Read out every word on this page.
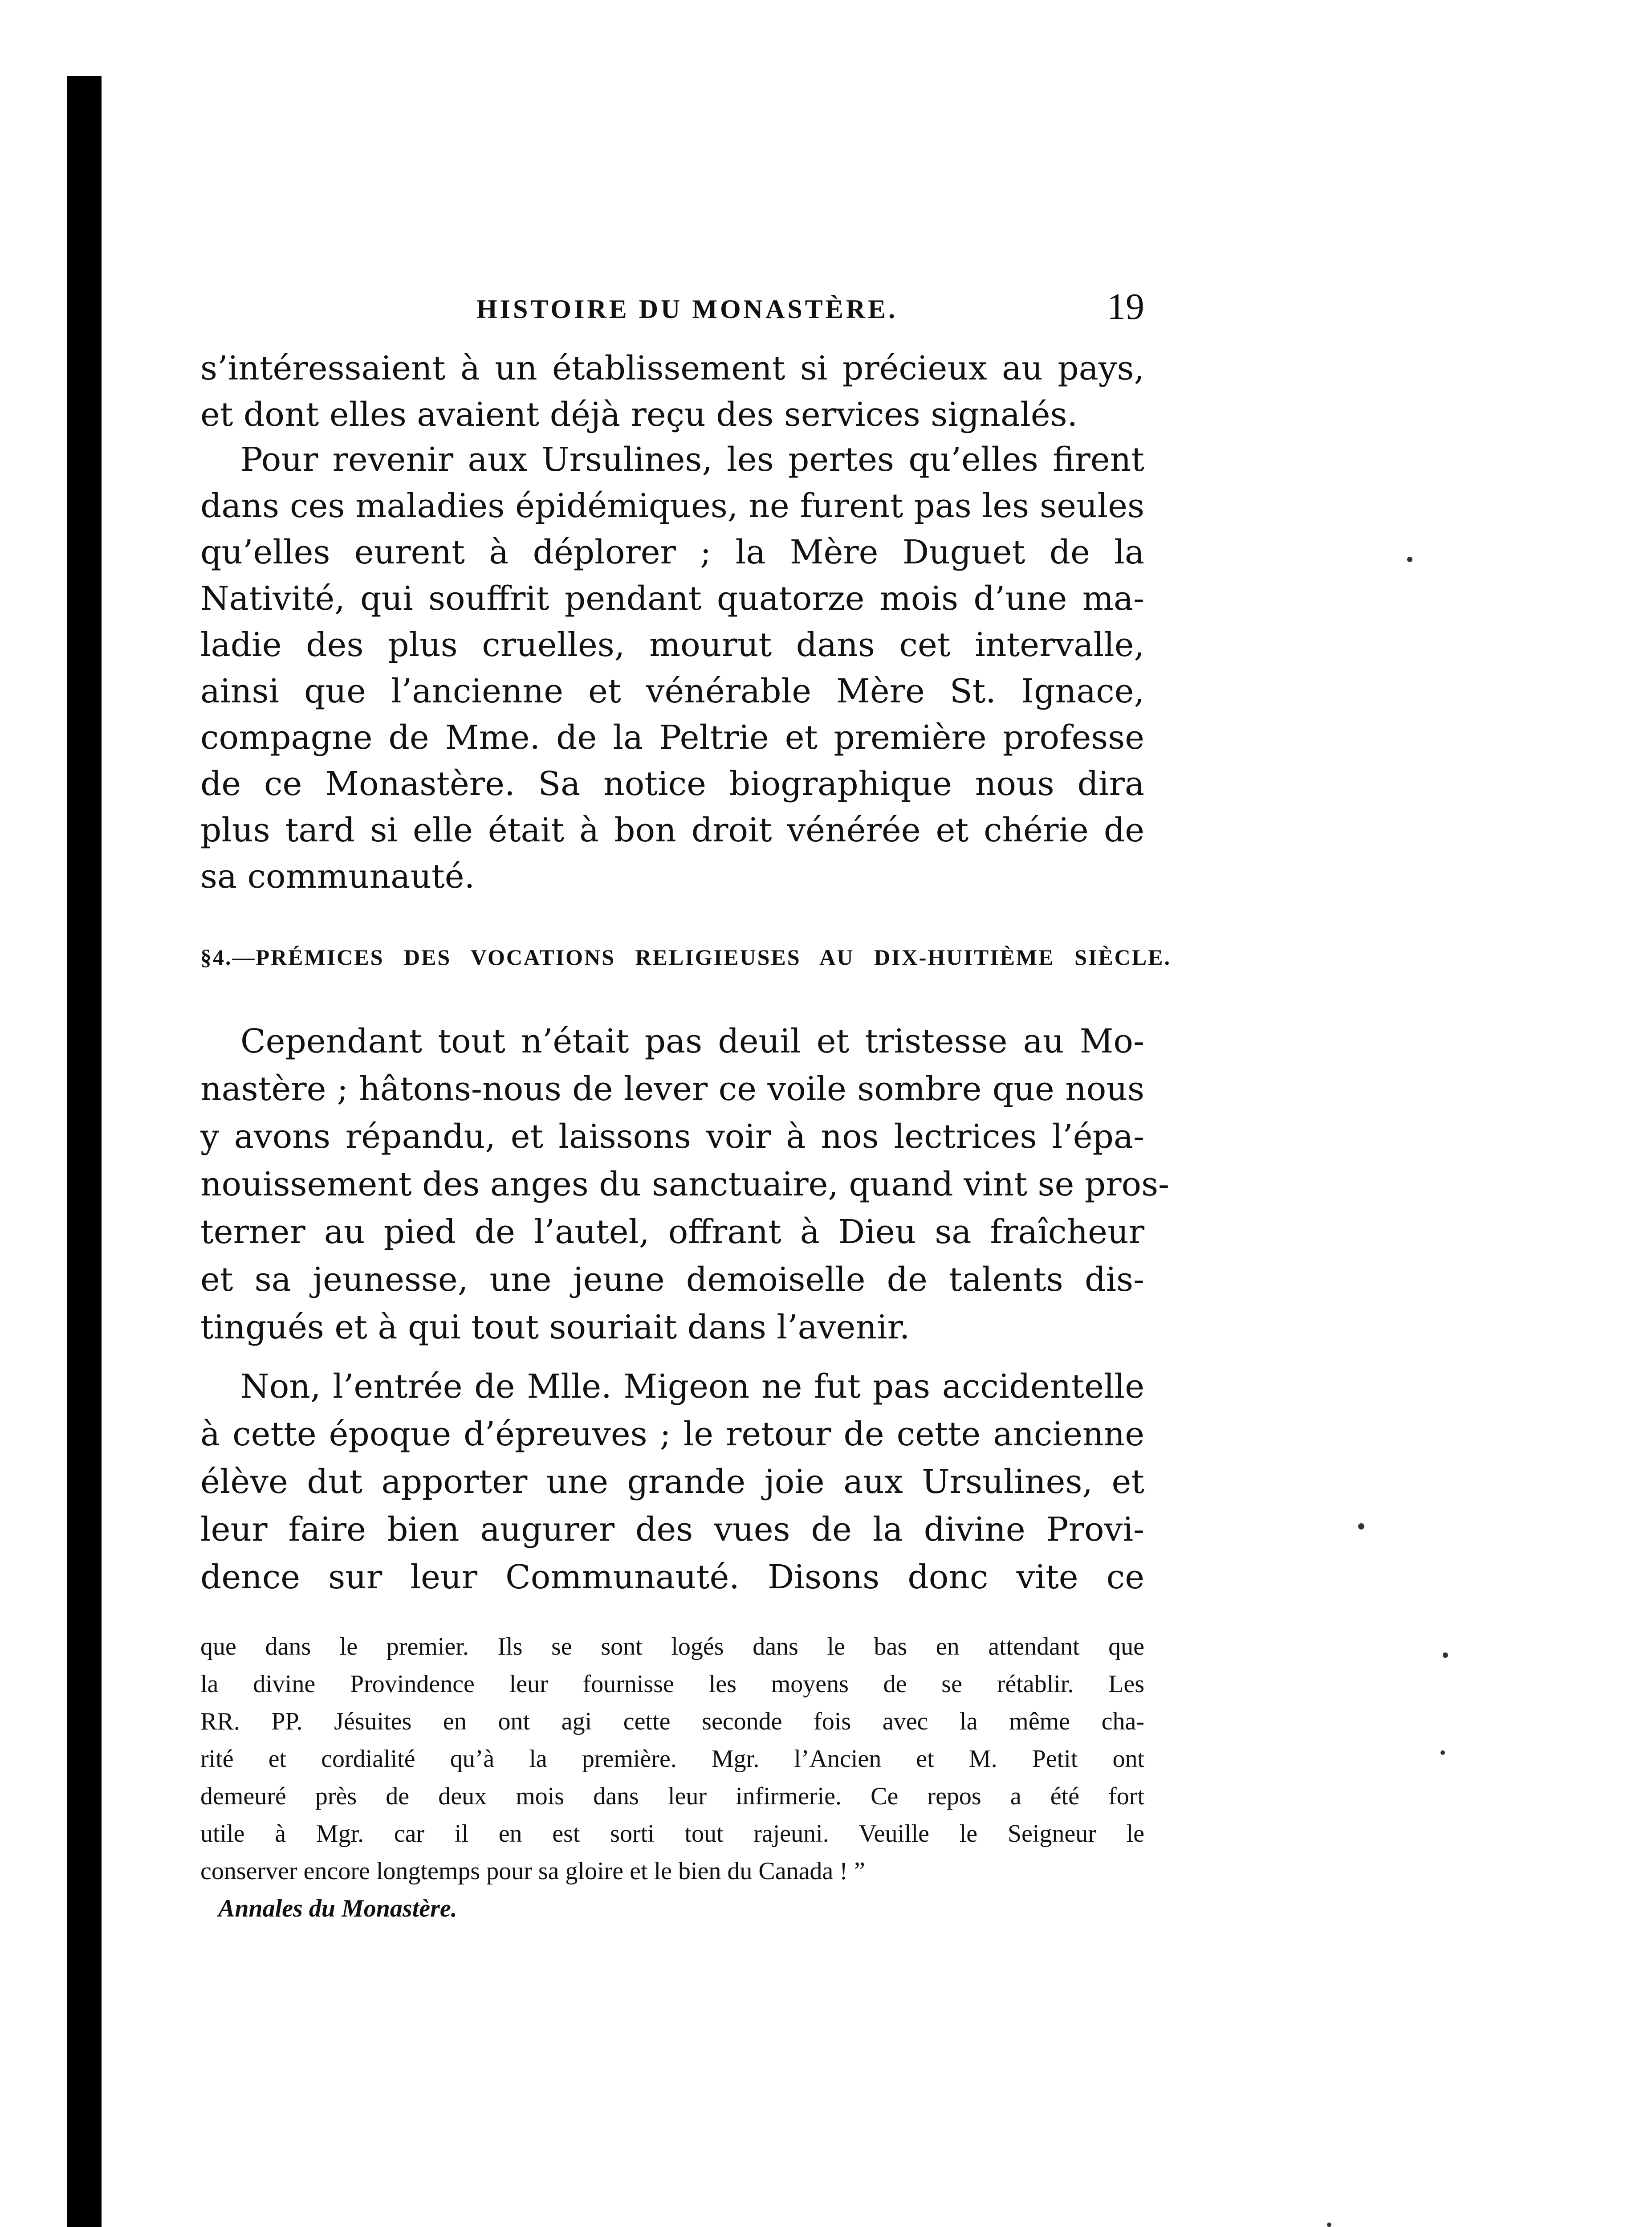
HISTOIRE DU MONASTÈRE.	19
s’intéressaient à un établissement si précieux au pays,
et dont elles avaient déjà reçu des services signalés.
Pour revenir aux Ursulines, les pertes qu’elles firent
dans ces maladies épidémiques, ne furent pas les seules
qu’elles eurent à déplorer ; la Mère Duguet de la
Nativité, qui souffrit pendant quatorze mois d’une ma-
ladie des plus cruelles, mourut dans cet intervalle,
ainsi que l’ancienne et vénérable Mère St. Ignace,
compagne de Mme. de la Peltrie et première professe
de ce Monastère. Sa notice biographique nous dira
plus tard si elle était à bon droit vénérée et chérie de
sa communauté.
§4.—PRÉMICES DES VOCATIONS RELIGIEUSES AU DIX-HUITIÈME SIÈCLE.
Cependant tout n’était pas deuil et tristesse au Mo-
nastère ; hâtons-nous de lever ce voile sombre que nous
y avons répandu, et laissons voir à nos lectrices l’épa-
nouissement des anges du sanctuaire, quand vint se pros-
terner au pied de l’autel, offrant à Dieu sa fraîcheur
et sa jeunesse, une jeune demoiselle de talents dis-
tingués et à qui tout souriait dans l’avenir.
Non, l’entrée de Mlle. Migeon ne fut pas accidentelle
à cette époque d’épreuves ; le retour de cette ancienne
élève dut apporter une grande joie aux Ursulines, et
leur faire bien augurer des vues de la divine Provi-
dence sur leur Communauté. Disons donc vite ce
que dans le premier. Ils se sont logés dans le bas en attendant que
la divine Provindence leur fournisse les moyens de se rétablir. Les
RR. PP. Jésuites en ont agi cette seconde fois avec la même cha-
rité et cordialité qu’à la première. Mgr. l’Ancien et M. Petit ont
demeuré près de deux mois dans leur infirmerie. Ce repos a été fort
utile à Mgr. car il en est sorti tout rajeuni. Veuille le Seigneur le
conserver encore longtemps pour sa gloire et le bien du Canada ! ”
Annales du Monastère.
